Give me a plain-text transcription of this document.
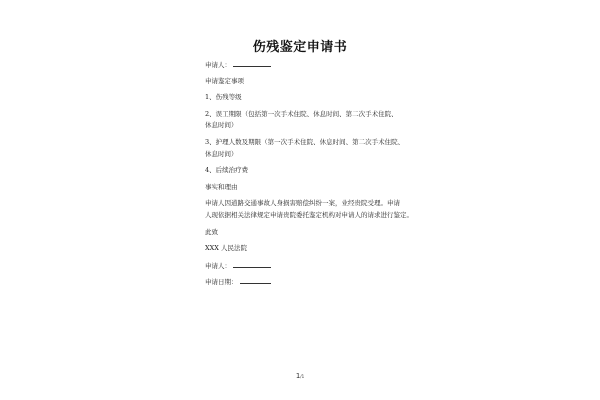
伤残鉴定申请书
申请人：
申请鉴定事项
1、伤残等级
2、误工期限（包括第一次手术住院、休息时间、第二次手术住院、
休息时间）
3、护理人数及期限（第一次手术住院、休息时间、第二次手术住院、
休息时间）
4、后续治疗费
事实和理由
申请人因道路交通事故人身损害赔偿纠纷一案，业经贵院受理。申请
人现依据相关法律规定申请贵院委托鉴定机构对申请人的请求进行鉴定。
此致
XXX 人民法院
申请人：
申请日期：
1/1
